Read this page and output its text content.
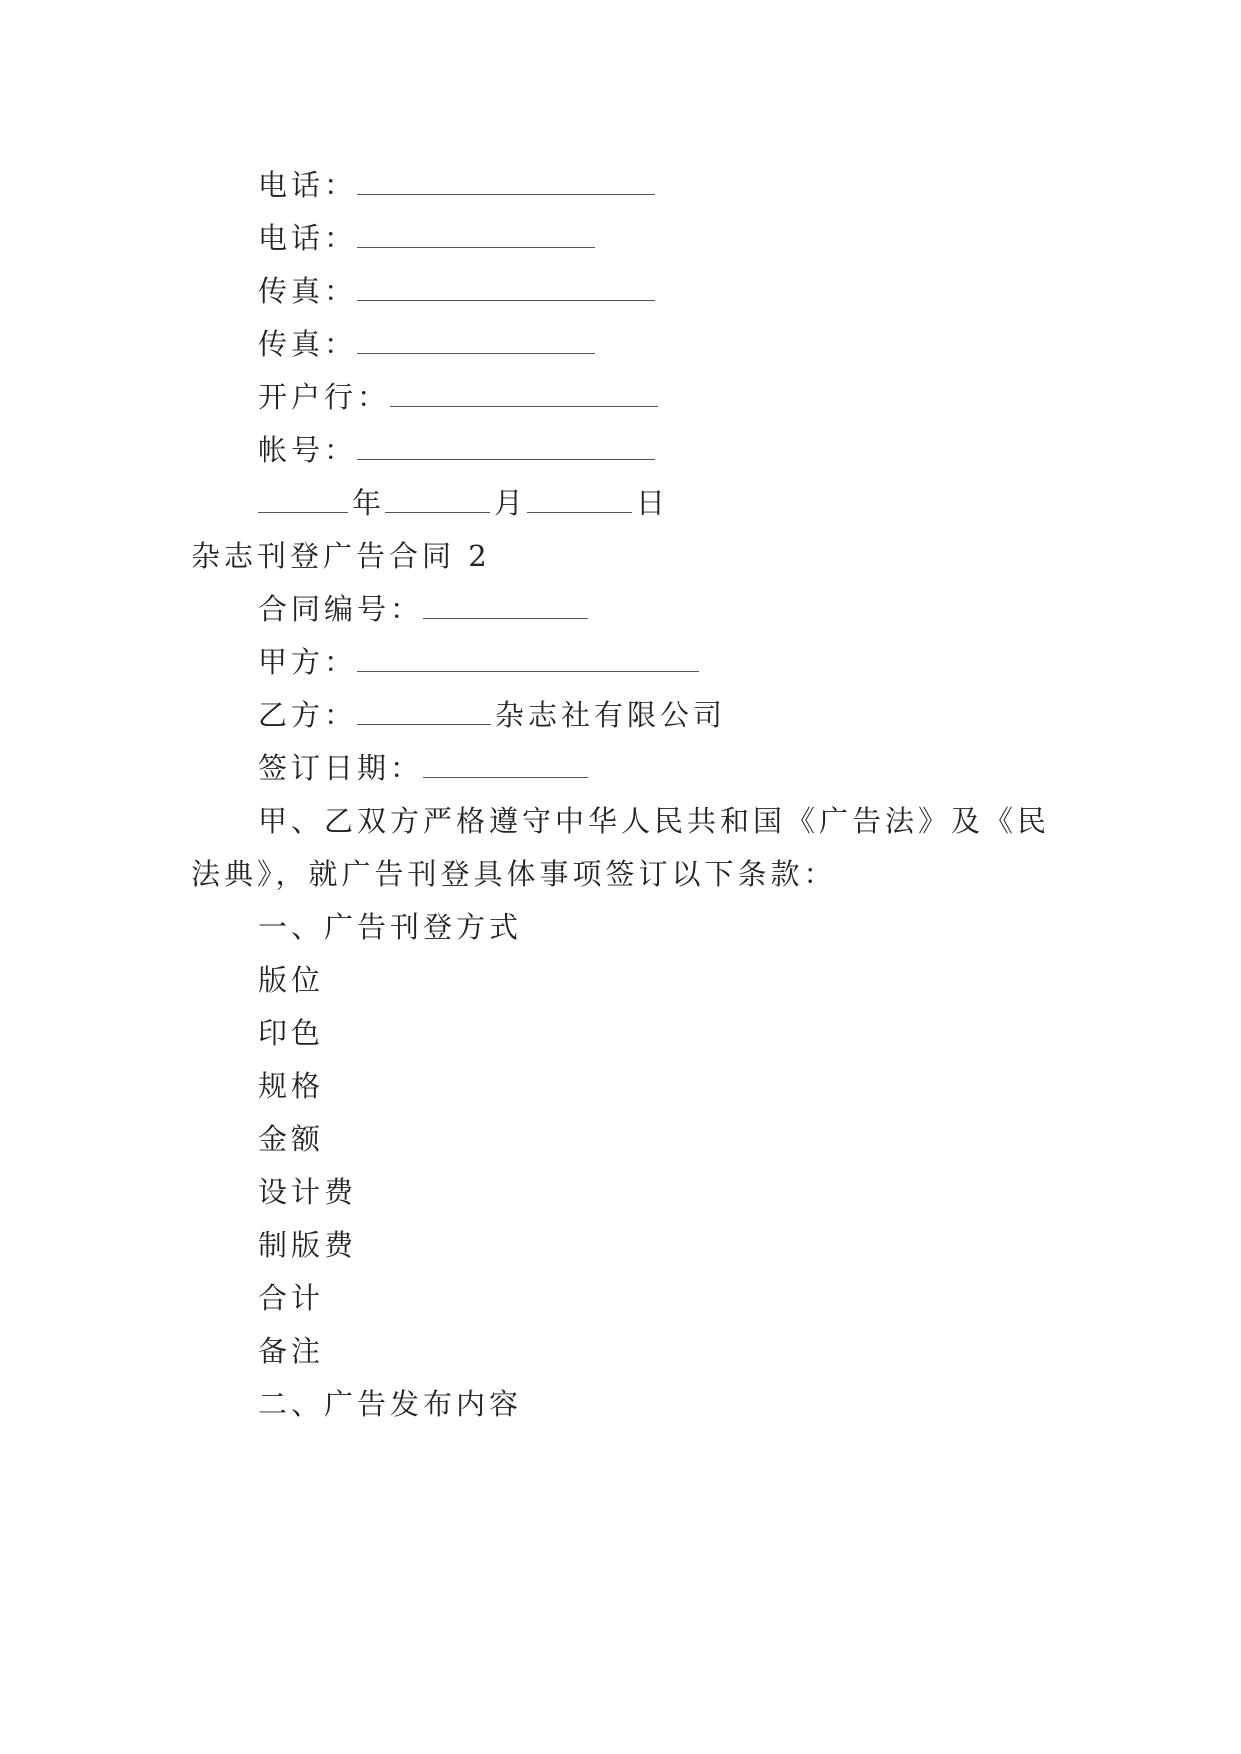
电话：
电话：
传真：
传真：
开户行：
帐号：
年	月	日
杂志刊登广告合同 2
合同编号：
甲方：
乙方：	杂志社有限公司
签订日期：
甲、乙双方严格遵守中华人民共和国《广告法》及《民
法典》，就广告刊登具体事项签订以下条款：
一、广告刊登方式
版位
印色
规格
金额
设计费
制版费
合计
备注
二、广告发布内容
